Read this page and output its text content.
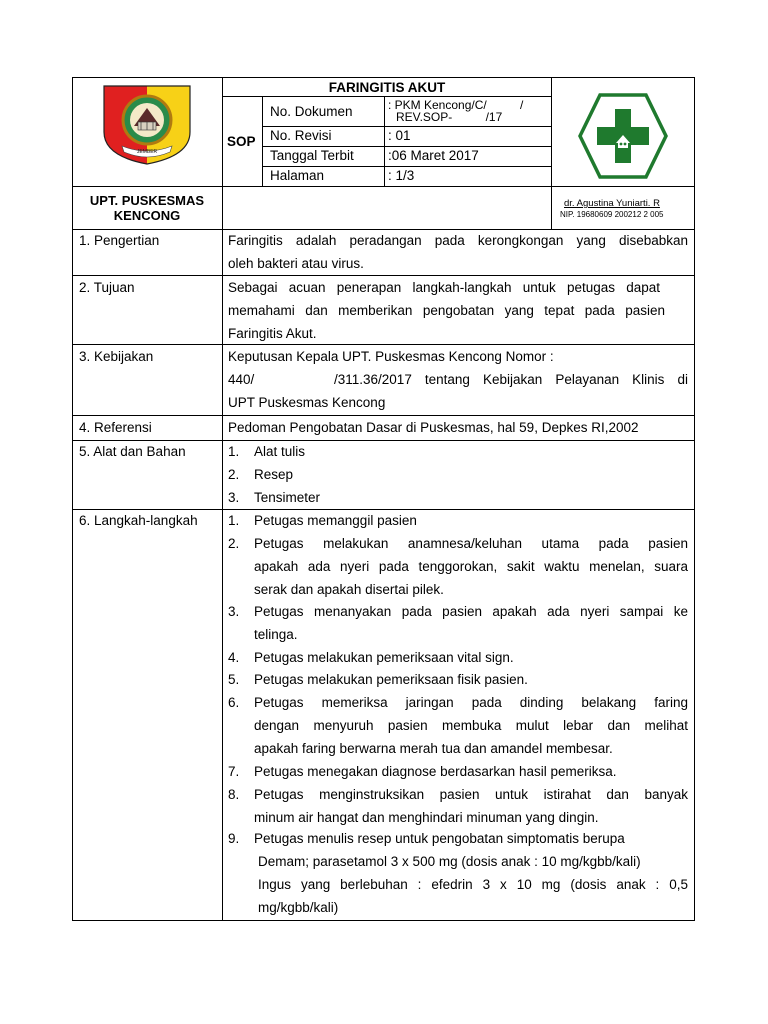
JEMBER
FARINGITIS AKUT
SOP
No. Dokumen
No. Revisi
Tanggal Terbit
Halaman
: PKM Kencong/C/          /
REV.SOP-          /17
: 01
:06 Maret 2017
: 1/3
UPT. PUSKESMAS
KENCONG
dr. Agustina Yuniarti. R
NIP. 19680609 200212 2 005
1. Pengertian
2. Tujuan
3. Kebijakan
4. Referensi
5. Alat dan Bahan
6. Langkah-langkah
Faringitis adalah peradangan pada kerongkongan yang disebabkan
oleh bakteri atau virus.
Sebagai acuan penerapan langkah-langkah untuk petugas dapat
memahami dan memberikan pengobatan yang tepat pada pasien
Faringitis Akut.
Keputusan Kepala UPT. Puskesmas Kencong Nomor :
440/	/311.36/2017 tentang Kebijakan Pelayanan Klinis di
UPT Puskesmas Kencong
Pedoman Pengobatan Dasar di Puskesmas, hal 59, Depkes RI,2002
1. Alat tulis
2. Resep
3. Tensimeter
1. Petugas memanggil pasien
2. Petugas melakukan anamnesa/keluhan utama pada pasien
apakah ada nyeri pada tenggorokan, sakit waktu menelan, suara
serak dan apakah disertai pilek.
3. Petugas menanyakan pada pasien apakah ada nyeri sampai ke
telinga.
4. Petugas melakukan pemeriksaan vital sign.
5. Petugas melakukan pemeriksaan fisik pasien.
6. Petugas memeriksa jaringan pada dinding belakang faring
dengan menyuruh pasien membuka mulut lebar dan melihat
apakah faring berwarna merah tua dan amandel membesar.
7. Petugas menegakan diagnose berdasarkan hasil pemeriksa.
8. Petugas menginstruksikan pasien untuk istirahat dan banyak
minum air hangat dan menghindari minuman yang dingin.
9. Petugas menulis resep untuk pengobatan simptomatis berupa
Demam; parasetamol 3 x 500 mg (dosis anak : 10 mg/kgbb/kali)
Ingus yang berlebuhan : efedrin 3 x 10 mg (dosis anak : 0,5
mg/kgbb/kali)
